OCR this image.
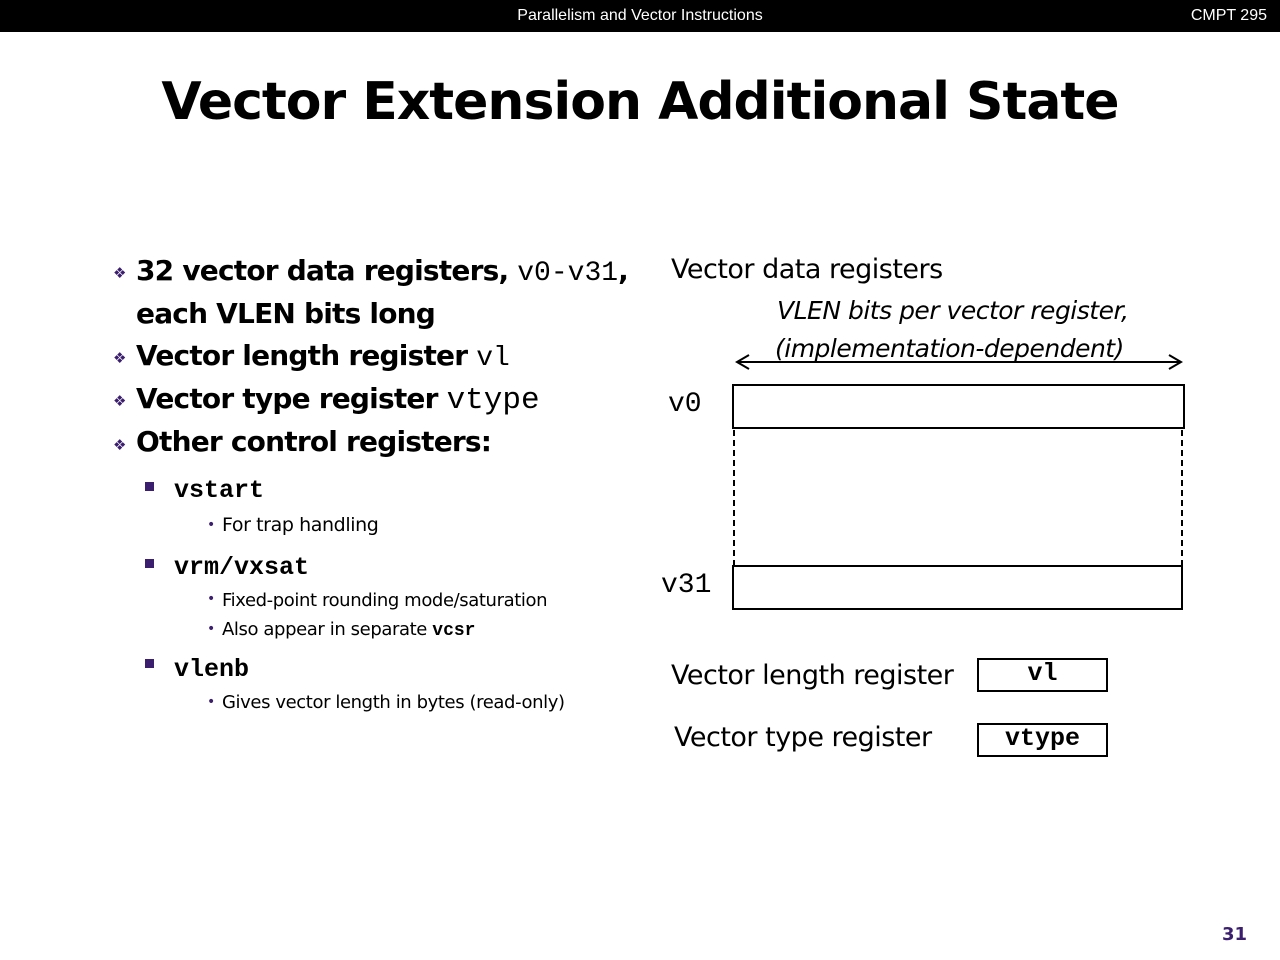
Parallelism and Vector Instructions	CMPT 295
Vector Extension Additional State
❖ 32 vector data registers, v0-v31,
each VLEN bits long
❖ Vector length register vl
❖ Vector type register vtype
❖ Other control registers:
vstart
• For trap handling
vrm/vxsat
• Fixed-point rounding mode/saturation
• Also appear in separate vcsr
vlenb
• Gives vector length in bytes (read-only)
Vector data registers
VLEN bits per vector register,
(implementation-dependent)
v0
v31
Vector length register	vl
Vector type register	vtype
31
